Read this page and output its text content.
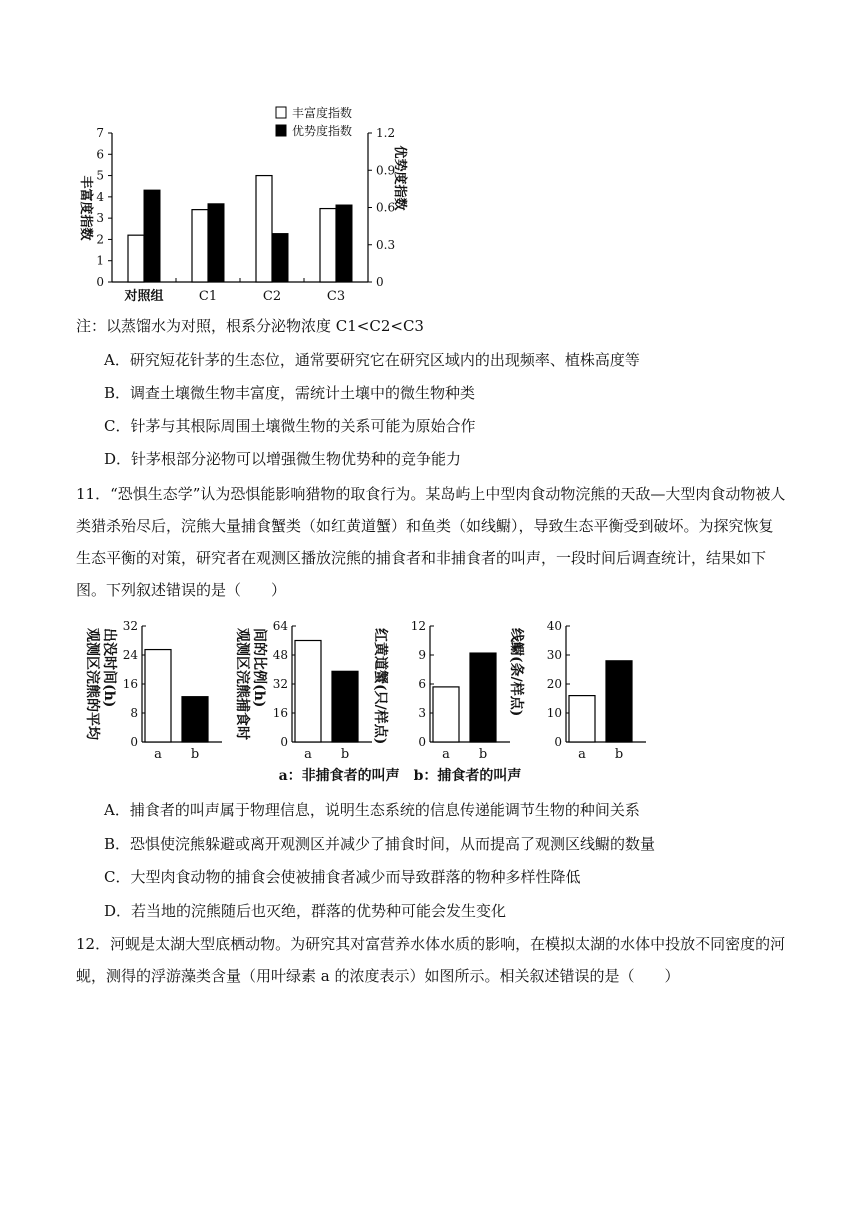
0
1
2
3
4
5
6
7
0
0.3
0.6
0.9
1.2
对照组	C1	C2	C3
丰富度指数
优势度指数
丰富度指数	优势度指数
注：以蒸馏水为对照，根系分泌物浓度 C1<C2<C3
A．研究短花针茅的生态位，通常要研究它在研究区域内的出现频率、植株高度等
B．调查土壤微生物丰富度，需统计土壤中的微生物种类
C．针茅与其根际周围土壤微生物的关系可能为原始合作
D．针茅根部分泌物可以增强微生物优势种的竞争能力
11．“恐惧生态学”认为恐惧能影响猎物的取食行为。某岛屿上中型肉食动物浣熊的天敌—大型肉食动物被人类猎杀殆尽后，浣熊大量捕食蟹类（如红黄道蟹）和鱼类（如线鳚），导致生态平衡受到破坏。为探究恢复生态平衡的对策，研究者在观测区播放浣熊的捕食者和非捕食者的叫声，一段时间后调查统计，结果如下图。下列叙述错误的是（　　）
0
8
16
24
32
a b
观测区浣熊的平均 出没时间(h)
0
16
32
48
64
a b
观测区浣熊捕食时 间的比例(h)
0
3
6
9
12
a b
红黄道蟹(只/样点)	0
10
20
30
40
a b
线鳚(条/样点)
a：非捕食者的叫声　b：捕食者的叫声
A．捕食者的叫声属于物理信息，说明生态系统的信息传递能调节生物的种间关系
B．恐惧使浣熊躲避或离开观测区并减少了捕食时间，从而提高了观测区线鳚的数量
C．大型肉食动物的捕食会使被捕食者减少而导致群落的物种多样性降低
D．若当地的浣熊随后也灭绝，群落的优势种可能会发生变化
12．河蚬是太湖大型底栖动物。为研究其对富营养水体水质的影响，在模拟太湖的水体中投放不同密度的河蚬，测得的浮游藻类含量（用叶绿素 a 的浓度表示）如图所示。相关叙述错误的是（　　）
